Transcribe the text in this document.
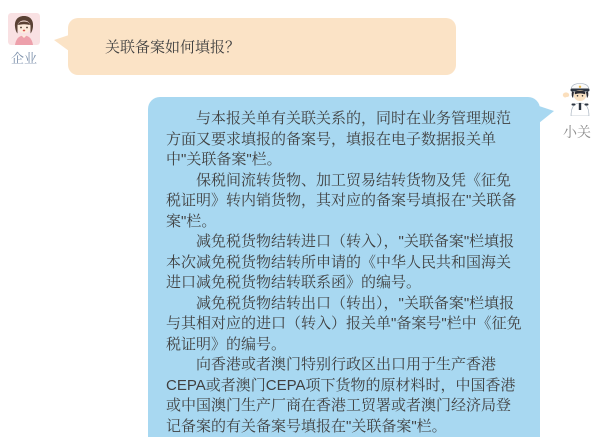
企业
关联备案如何填报？

与本报关单有关联关系的，同时在业务管理规范方面又要求填报的备案号，填报在电子数据报关单中"关联备案"栏。

保税间流转货物、加工贸易结转货物及凭《征免税证明》转内销货物，其对应的备案号填报在"关联备案"栏。

减免税货物结转进口（转入），"关联备案"栏填报本次减免税货物结转所申请的《中华人民共和国海关进口减免税货物结转联系函》的编号。

减免税货物结转出口（转出），"关联备案"栏填报与其相对应的进口（转入）报关单"备案号"栏中《征免税证明》的编号。

向香港或者澳门特别行政区出口用于生产香港CEPA或者澳门CEPA项下货物的原材料时，中国香港或中国澳门生产厂商在香港工贸署或者澳门经济局登记备案的有关备案号填报在"关联备案"栏。

小关
